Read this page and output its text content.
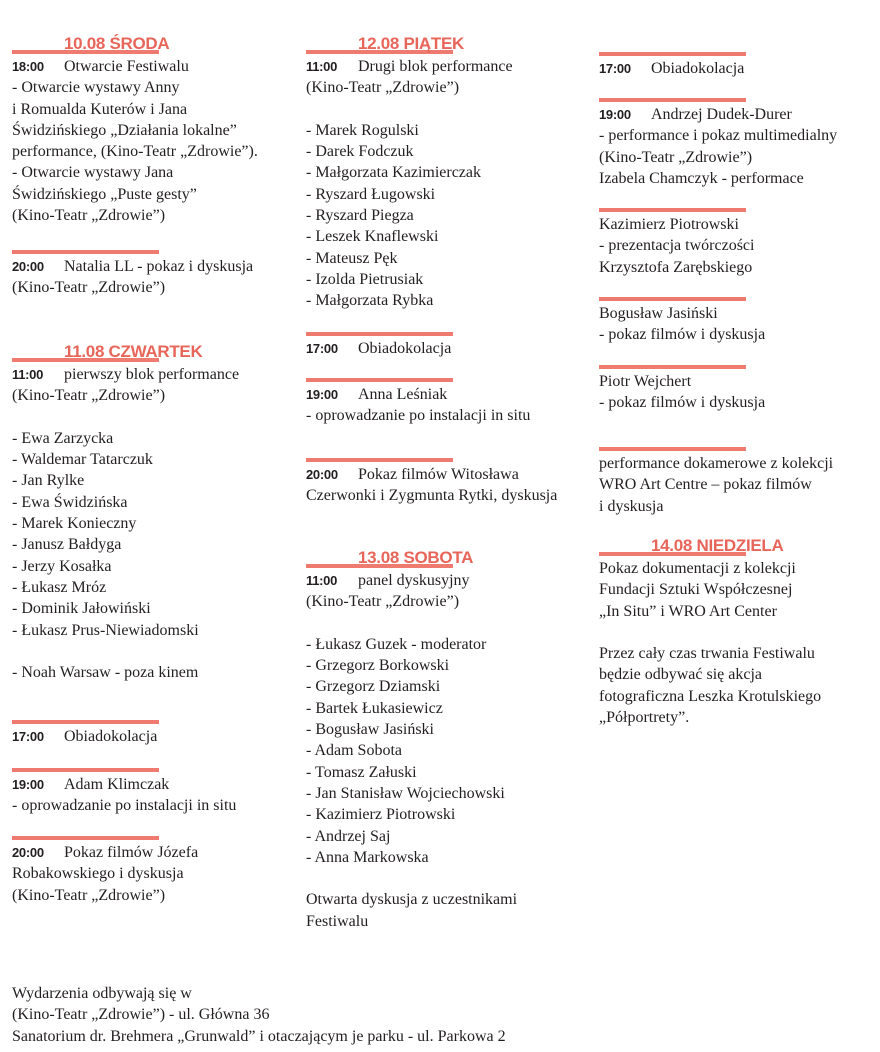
10.08 ŚRODA
18:00 Otwarcie Festiwalu
- Otwarcie wystawy Anny
i Romualda Kuterów i Jana
Świdzińskiego „Działania lokalne”
performance, (Kino-Teatr „Zdrowie”).
- Otwarcie wystawy Jana
Świdzińskiego „Puste gesty”
(Kino-Teatr „Zdrowie”)
20:00 Natalia LL - pokaz i dyskusja
(Kino-Teatr „Zdrowie”)
11.08 CZWARTEK
11:00 pierwszy blok performance
(Kino-Teatr „Zdrowie”)

- Ewa Zarzycka
- Waldemar Tatarczuk
- Jan Rylke
- Ewa Świdzińska
- Marek Konieczny
- Janusz Bałdyga
- Jerzy Kosałka
- Łukasz Mróz
- Dominik Jałowiński
- Łukasz Prus-Niewiadomski

- Noah Warsaw - poza kinem
17:00 Obiadokolacja
19:00 Adam Klimczak
- oprowadzanie po instalacji in situ
20:00 Pokaz filmów Józefa
Robakowskiego i dyskusja
(Kino-Teatr „Zdrowie”)
12.08 PIĄTEK
11:00 Drugi blok performance
(Kino-Teatr „Zdrowie”)

- Marek Rogulski
- Darek Fodczuk
- Małgorzata Kazimierczak
- Ryszard Ługowski
- Ryszard Piegza
- Leszek Knaflewski
- Mateusz Pęk
- Izolda Pietrusiak
- Małgorzata Rybka
17:00 Obiadokolacja
19:00 Anna Leśniak
- oprowadzanie po instalacji in situ
20:00 Pokaz filmów Witosława
Czerwonki i Zygmunta Rytki, dyskusja
13.08 SOBOTA
11:00 panel dyskusyjny
(Kino-Teatr „Zdrowie”)

- Łukasz Guzek - moderator
- Grzegorz Borkowski
- Grzegorz Dziamski
- Bartek Łukasiewicz
- Bogusław Jasiński
- Adam Sobota
- Tomasz Załuski
- Jan Stanisław Wojciechowski
- Kazimierz Piotrowski
- Andrzej Saj
- Anna Markowska

Otwarta dyskusja z uczestnikami
Festiwalu
17:00 Obiadokolacja
19:00 Andrzej Dudek-Durer
- performance i pokaz multimedialny
(Kino-Teatr „Zdrowie”)
Izabela Chamczyk - performace
Kazimierz Piotrowski
- prezentacja twórczości
Krzysztofa Zarębskiego
Bogusław Jasiński
- pokaz filmów i dyskusja
Piotr Wejchert
- pokaz filmów i dyskusja
performance dokamerowe z kolekcji
WRO Art Centre – pokaz filmów
i dyskusja
14.08 NIEDZIELA
Pokaz dokumentacji z kolekcji
Fundacji Sztuki Współczesnej
„In Situ” i WRO Art Center

Przez cały czas trwania Festiwalu
będzie odbywać się akcja
fotograficzna Leszka Krotulskiego
„Półportrety”.
Wydarzenia odbywają się w
(Kino-Teatr „Zdrowie”) - ul. Główna 36
Sanatorium dr. Brehmera „Grunwald” i otaczającym je parku - ul. Parkowa 2
